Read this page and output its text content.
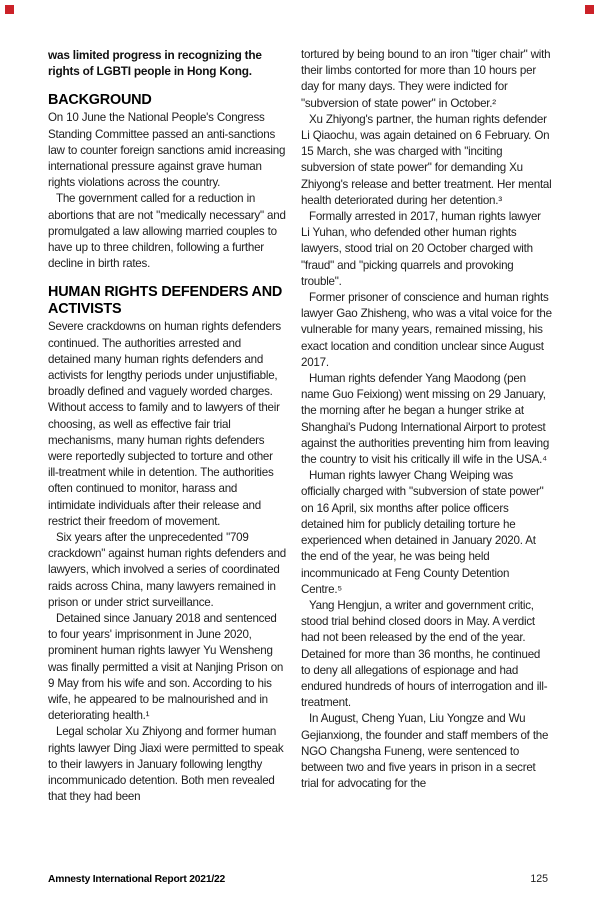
was limited progress in recognizing the rights of LGBTI people in Hong Kong.

BACKGROUND

On 10 June the National People's Congress Standing Committee passed an anti-sanctions law to counter foreign sanctions amid increasing international pressure against grave human rights violations across the country.

The government called for a reduction in abortions that are not "medically necessary" and promulgated a law allowing married couples to have up to three children, following a further decline in birth rates.

HUMAN RIGHTS DEFENDERS AND ACTIVISTS

Severe crackdowns on human rights defenders continued. The authorities arrested and detained many human rights defenders and activists for lengthy periods under unjustifiable, broadly defined and vaguely worded charges. Without access to family and to lawyers of their choosing, as well as effective fair trial mechanisms, many human rights defenders were reportedly subjected to torture and other ill-treatment while in detention. The authorities often continued to monitor, harass and intimidate individuals after their release and restrict their freedom of movement.

Six years after the unprecedented "709 crackdown" against human rights defenders and lawyers, which involved a series of coordinated raids across China, many lawyers remained in prison or under strict surveillance.

Detained since January 2018 and sentenced to four years' imprisonment in June 2020, prominent human rights lawyer Yu Wensheng was finally permitted a visit at Nanjing Prison on 9 May from his wife and son. According to his wife, he appeared to be malnourished and in deteriorating health.¹

Legal scholar Xu Zhiyong and former human rights lawyer Ding Jiaxi were permitted to speak to their lawyers in January following lengthy incommunicado detention. Both men revealed that they had been

tortured by being bound to an iron "tiger chair" with their limbs contorted for more than 10 hours per day for many days. They were indicted for "subversion of state power" in October.²

Xu Zhiyong's partner, the human rights defender Li Qiaochu, was again detained on 6 February. On 15 March, she was charged with "inciting subversion of state power" for demanding Xu Zhiyong's release and better treatment. Her mental health deteriorated during her detention.³

Formally arrested in 2017, human rights lawyer Li Yuhan, who defended other human rights lawyers, stood trial on 20 October charged with "fraud" and "picking quarrels and provoking trouble".

Former prisoner of conscience and human rights lawyer Gao Zhisheng, who was a vital voice for the vulnerable for many years, remained missing, his exact location and condition unclear since August 2017.

Human rights defender Yang Maodong (pen name Guo Feixiong) went missing on 29 January, the morning after he began a hunger strike at Shanghai's Pudong International Airport to protest against the authorities preventing him from leaving the country to visit his critically ill wife in the USA.⁴

Human rights lawyer Chang Weiping was officially charged with "subversion of state power" on 16 April, six months after police officers detained him for publicly detailing torture he experienced when detained in January 2020. At the end of the year, he was being held incommunicado at Feng County Detention Centre.⁵

Yang Hengjun, a writer and government critic, stood trial behind closed doors in May. A verdict had not been released by the end of the year. Detained for more than 36 months, he continued to deny all allegations of espionage and had endured hundreds of hours of interrogation and ill-treatment.

In August, Cheng Yuan, Liu Yongze and Wu Gejianxiong, the founder and staff members of the NGO Changsha Funeng, were sentenced to between two and five years in prison in a secret trial for advocating for the

Amnesty International Report 2021/22	125
